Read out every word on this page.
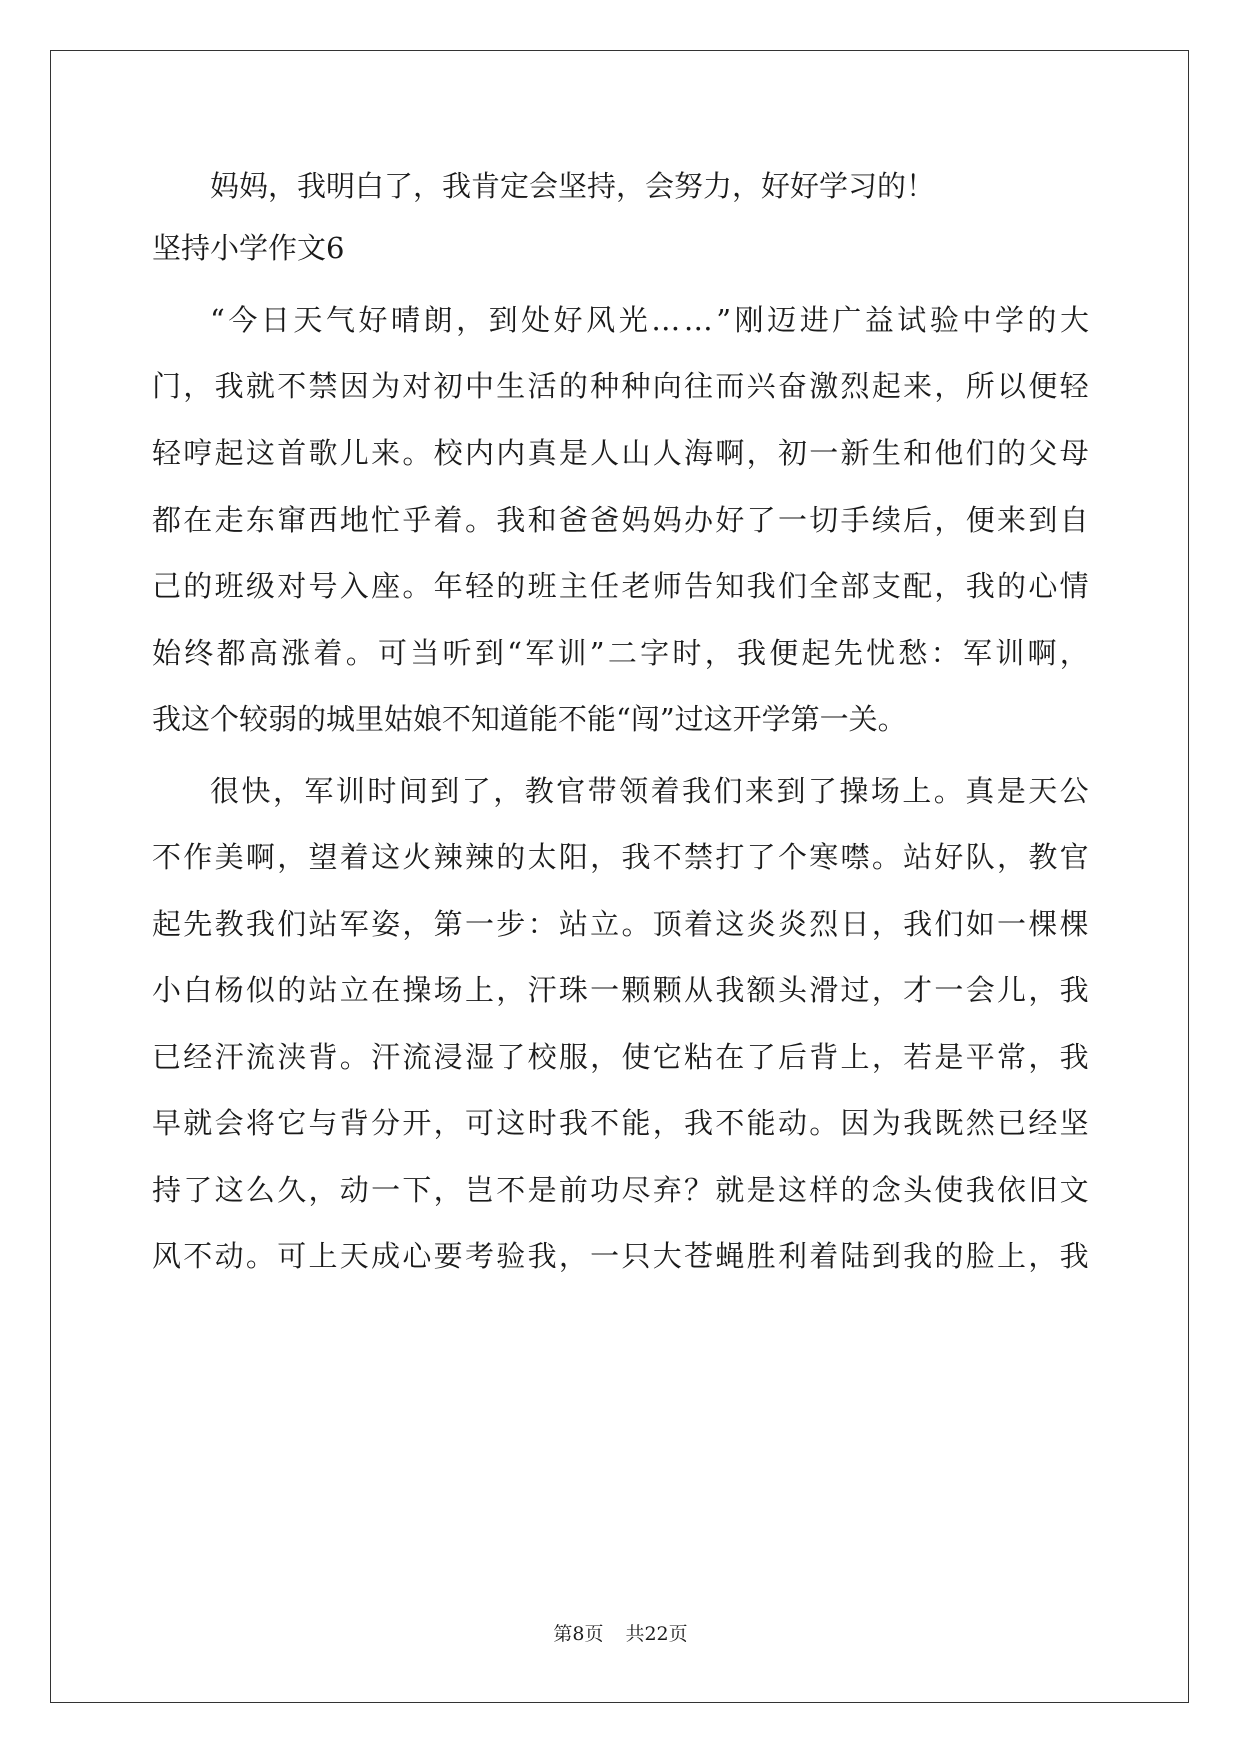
妈妈，我明白了，我肯定会坚持，会努力，好好学习的！
坚持小学作文6
“ 今 日 天 气 好 晴 朗 ， 到 处 好 风 光 … … ” 刚 迈 进 广 益 试 验 中 学 的 大
门 ， 我 就 不 禁 因 为 对 初 中 生 活 的 种 种 向 往 而 兴 奋 激 烈 起 来 ， 所 以 便 轻
轻 哼 起 这 首 歌 儿 来 。 校 内 内 真 是 人 山 人 海 啊 ， 初 一 新 生 和 他 们 的 父 母
都 在 走 东 窜 西 地 忙 乎 着 。 我 和 爸 爸 妈 妈 办 好 了 一 切 手 续 后 ， 便 来 到 自
己 的 班 级 对 号 入 座 。 年 轻 的 班 主 任 老 师 告 知 我 们 全 部 支 配 ， 我 的 心 情
始 终 都 高 涨 着 。 可 当 听 到 “ 军 训 ” 二 字 时 ， 我 便 起 先 忧 愁 ： 军 训 啊 ，
我这个较弱的城里姑娘不知道能不能“闯”过这开学第一关。
很 快 ， 军 训 时 间 到 了 ， 教 官 带 领 着 我 们 来 到 了 操 场 上 。 真 是 天 公
不 作 美 啊 ， 望 着 这 火 辣 辣 的 太 阳 ， 我 不 禁 打 了 个 寒 噤 。 站 好 队 ， 教 官
起 先 教 我 们 站 军 姿 ， 第 一 步 ： 站 立 。 顶 着 这 炎 炎 烈 日 ， 我 们 如 一 棵 棵
小 白 杨 似 的 站 立 在 操 场 上 ， 汗 珠 一 颗 颗 从 我 额 头 滑 过 ， 才 一 会 儿 ， 我
已 经 汗 流 浃 背 。 汗 流 浸 湿 了 校 服 ， 使 它 粘 在 了 后 背 上 ， 若 是 平 常 ， 我
早 就 会 将 它 与 背 分 开 ， 可 这 时 我 不 能 ， 我 不 能 动 。 因 为 我 既 然 已 经 坚
持 了 这 么 久 ， 动 一 下 ， 岂 不 是 前 功 尽 弃 ？ 就 是 这 样 的 念 头 使 我 依 旧 文
风 不 动 。 可 上 天 成 心 要 考 验 我 ， 一 只 大 苍 蝇 胜 利 着 陆 到 我 的 脸 上 ， 我
第8页 共22页
